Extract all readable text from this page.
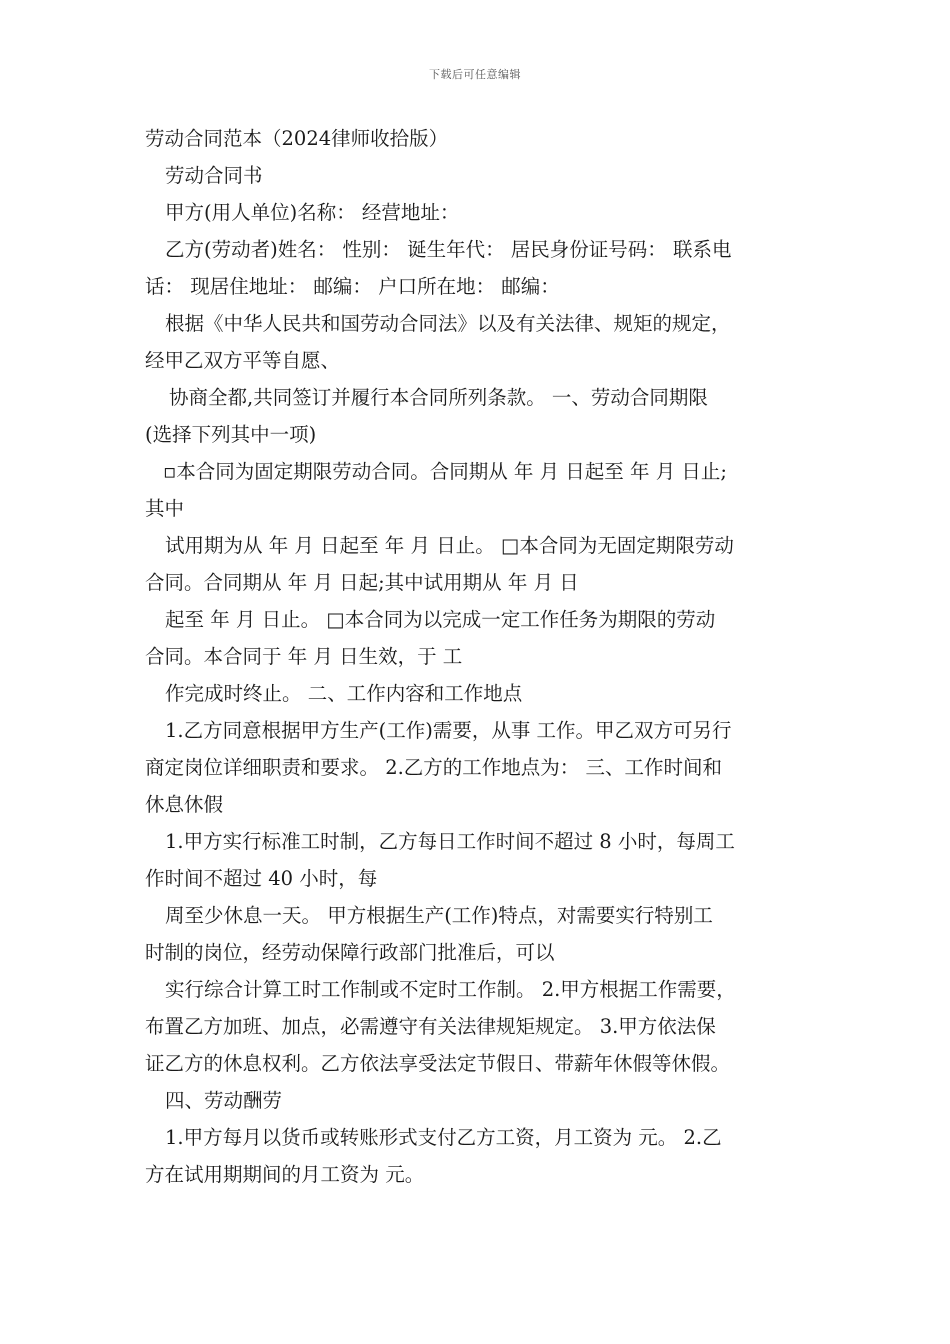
下载后可任意编辑
劳动合同范本（2024律师收拾版）
劳动合同书
甲方(用人单位)名称： 经营地址：
乙方(劳动者)姓名： 性别： 诞生年代： 居民身份证号码： 联系电
话： 现居住地址： 邮编： 户口所在地： 邮编：
根据《中华人民共和国劳动合同法》以及有关法律、规矩的规定，
经甲乙双方平等自愿、
协商全都,共同签订并履行本合同所列条款。 一、劳动合同期限
(选择下列其中一项)
▫本合同为固定期限劳动合同。合同期从 年 月 日起至 年 月 日止;
其中
试用期为从 年 月 日起至 年 月 日止。 □本合同为无固定期限劳动
合同。合同期从 年 月 日起;其中试用期从 年 月 日
起至 年 月 日止。 □本合同为以完成一定工作任务为期限的劳动
合同。本合同于 年 月 日生效，于 工
作完成时终止。 二、工作内容和工作地点
1.乙方同意根据甲方生产(工作)需要，从事 工作。甲乙双方可另行
商定岗位详细职责和要求。 2.乙方的工作地点为： 三、工作时间和
休息休假
1.甲方实行标准工时制，乙方每日工作时间不超过 8 小时，每周工
作时间不超过 40 小时，每
周至少休息一天。 甲方根据生产(工作)特点，对需要实行特别工
时制的岗位，经劳动保障行政部门批准后，可以
实行综合计算工时工作制或不定时工作制。 2.甲方根据工作需要，
布置乙方加班、加点，必需遵守有关法律规矩规定。 3.甲方依法保
证乙方的休息权利。乙方依法享受法定节假日、带薪年休假等休假。
四、劳动酬劳
1.甲方每月以货币或转账形式支付乙方工资，月工资为 元。 2.乙
方在试用期期间的月工资为 元。
